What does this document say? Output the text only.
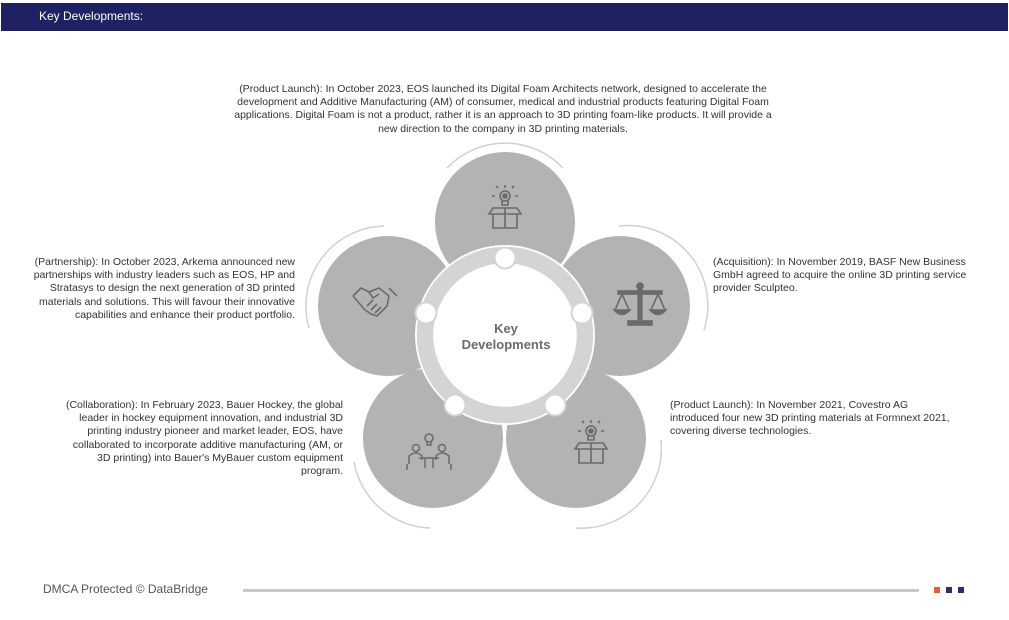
Key Developments:
(Product Launch): In October 2023, EOS launched its Digital Foam Architects network, designed to accelerate the development and Additive Manufacturing (AM) of consumer, medical and industrial products featuring Digital Foam applications. Digital Foam is not a product, rather it is an approach to 3D printing foam-like products. It will provide a new direction to the company in 3D printing materials.
(Partnership): In October 2023, Arkema announced new partnerships with industry leaders such as EOS, HP and Stratasys to design the next generation of 3D printed materials and solutions. This will favour their innovative capabilities and enhance their product portfolio.
(Acquisition): In November 2019, BASF New Business GmbH agreed to acquire the online 3D printing service provider Sculpteo.
(Collaboration): In February 2023, Bauer Hockey, the global leader in hockey equipment innovation, and industrial 3D printing industry pioneer and market leader, EOS, have collaborated to incorporate additive manufacturing (AM, or 3D printing) into Bauer's MyBauer custom equipment program.
(Product Launch): In November 2021, Covestro AG introduced four new 3D printing materials at Formnext 2021, covering diverse technologies.
Key
Developments
DMCA Protected © DataBridge
